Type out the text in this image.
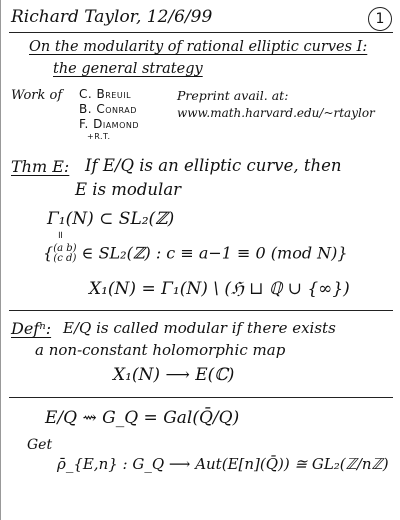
Richard Taylor, 12/6/99	1
On the modularity of rational elliptic curves I:
the general strategy
Work of C. Breuil
B. Conrad
F. Diamond
+R.T.
Preprint avail. at:
www.math.harvard.edu/~rtaylor
Thm E: If E/Q is an elliptic curve, then
E is modular
Γ₁(N) ⊂ SL₂(ℤ)
॥
{(a b)
(c d) ∈ SL₂(ℤ) : c ≡ a−1 ≡ 0 (mod N)}
X₁(N) = Γ₁(N) \ (ℌ ⊔ ℚ ∪ {∞})
Defⁿ: E/Q is called modular if there exists
a non-constant holomorphic map
X₁(N) ⟶ E(ℂ)
E/Q ⇝ G_Q = Gal(Q̄/Q)
Get
ρ̄_{E,n} : G_Q ⟶ Aut(E[n](Q̄)) ≅ GL₂(ℤ/nℤ)
